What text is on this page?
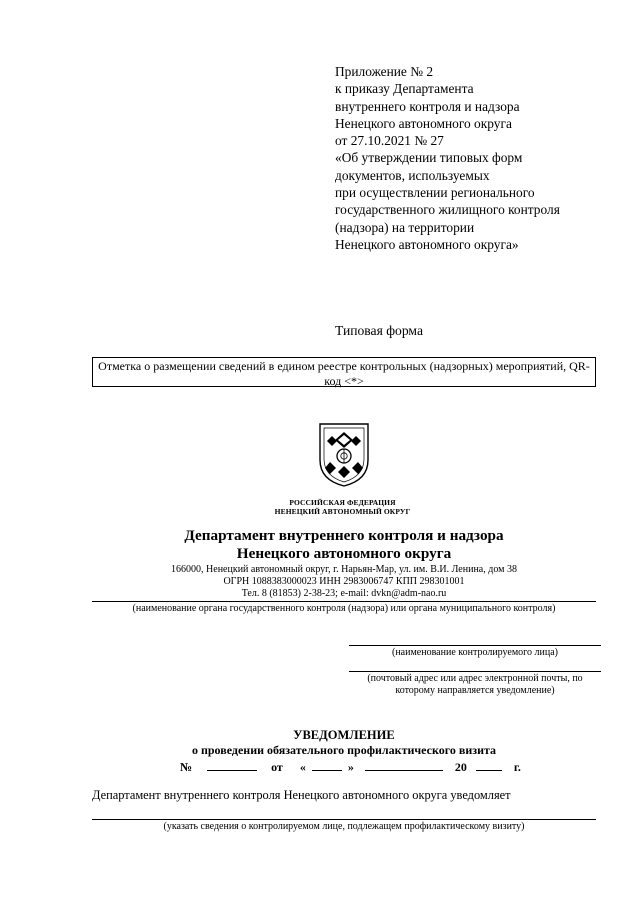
Приложение № 2
к приказу Департамента
внутреннего контроля и надзора
Ненецкого автономного округа
от 27.10.2021 № 27
«Об утверждении типовых форм
документов, используемых
при осуществлении регионального
государственного жилищного контроля
(надзора) на территории
Ненецкого автономного округа»
Типовая форма
Отметка о размещении сведений в едином реестре контрольных (надзорных) мероприятий, QR-код <*>
РОССИЙСКАЯ ФЕДЕРАЦИЯ
НЕНЕЦКИЙ АВТОНОМНЫЙ ОКРУГ
Департамент внутреннего контроля и надзора
Ненецкого автономного округа
166000, Ненецкий автономный округ, г. Нарьян-Мар, ул. им. В.И. Ленина, дом 38
ОГРН 1088383000023 ИНН 2983006747 КПП 298301001
Тел. 8 (81853) 2-38-23; e-mail: dvkn@adm-nao.ru
(наименование органа государственного контроля (надзора) или органа муниципального контроля)
(наименование контролируемого лица)
(почтовый адрес или адрес электронной почты, по которому направляется уведомление)
УВЕДОМЛЕНИЕ
о проведении обязательного профилактического визита
№	от «	»	20	г.
Департамент внутреннего контроля Ненецкого автономного округа уведомляет
(указать сведения о контролируемом лице, подлежащем профилактическому визиту)
